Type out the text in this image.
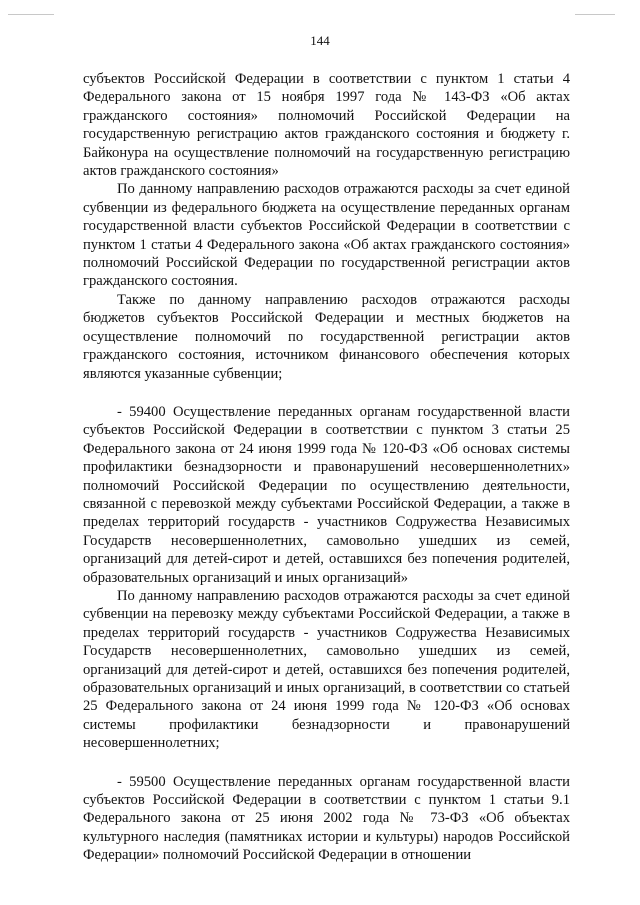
144

субъектов Российской Федерации в соответствии с пунктом 1 статьи 4 Федерального закона от 15 ноября 1997 года № 143-ФЗ «Об актах гражданского состояния» полномочий Российской Федерации на государственную регистрацию актов гражданского состояния и бюджету г. Байконура на осуществление полномочий на государственную регистрацию актов гражданского состояния»

По данному направлению расходов отражаются расходы за счет единой субвенции из федерального бюджета на осуществление переданных органам государственной власти субъектов Российской Федерации в соответствии с пунктом 1 статьи 4 Федерального закона «Об актах гражданского состояния» полномочий Российской Федерации по государственной регистрации актов гражданского состояния.

Также по данному направлению расходов отражаются расходы бюджетов субъектов Российской Федерации и местных бюджетов на осуществление полномочий по государственной регистрации актов гражданского состояния, источником финансового обеспечения которых являются указанные субвенции;

- 59400 Осуществление переданных органам государственной власти субъектов Российской Федерации в соответствии с пунктом 3 статьи 25 Федерального закона от 24 июня 1999 года № 120-ФЗ «Об основах системы профилактики безнадзорности и правонарушений несовершеннолетних» полномочий Российской Федерации по осуществлению деятельности, связанной с перевозкой между субъектами Российской Федерации, а также в пределах территорий государств - участников Содружества Независимых Государств несовершеннолетних, самовольно ушедших из семей, организаций для детей-сирот и детей, оставшихся без попечения родителей, образовательных организаций и иных организаций»

По данному направлению расходов отражаются расходы за счет единой субвенции на перевозку между субъектами Российской Федерации, а также в пределах территорий государств - участников Содружества Независимых Государств несовершеннолетних, самовольно ушедших из семей, организаций для детей-сирот и детей, оставшихся без попечения родителей, образовательных организаций и иных организаций, в соответствии со статьей 25 Федерального закона от 24 июня 1999 года № 120-ФЗ «Об основах системы профилактики безнадзорности и правонарушений несовершеннолетних;

- 59500 Осуществление переданных органам государственной власти субъектов Российской Федерации в соответствии с пунктом 1 статьи 9.1 Федерального закона от 25 июня 2002 года № 73-ФЗ «Об объектах культурного наследия (памятниках истории и культуры) народов Российской Федерации» полномочий Российской Федерации в отношении
